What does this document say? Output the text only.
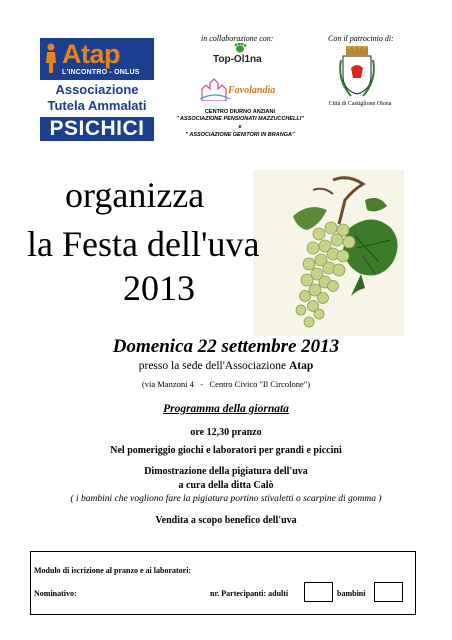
Atap
L'INCONTRO - ONLUS
Associazione
Tutela Ammalati
PSICHICI
in collaborazione con:
Top-Ol1na
Favolandia
CENTRO DIURNO ANZIANI
" ASSOCIAZIONE PENSIONATI MAZZUCCHELLI"
e
" ASSOCIAZIONE GENITORI IN BRANGA"
Con il patrocinio di:
Città di Castiglione Olona
organizza
la Festa dell'uva
2013
Domenica 22 settembre 2013
presso la sede dell'Associazione Atap
(via Manzoni 4   -   Centro Civico "Il Circolone")
Programma della giornata
ore 12,30 pranzo
Nel pomeriggio giochi e laboratori per grandi e piccini
Dimostrazione della pigiatura dell'uva
a cura della ditta Calò
( i bambini che vogliono fare la pigiatura portino stivaletti o scarpine di gomma )
Vendita a scopo benefico dell'uva
Modulo di iscrizione al pranzo e ai laboratori:
Nominativo:	nr. Partecipanti: adulti	bambini
